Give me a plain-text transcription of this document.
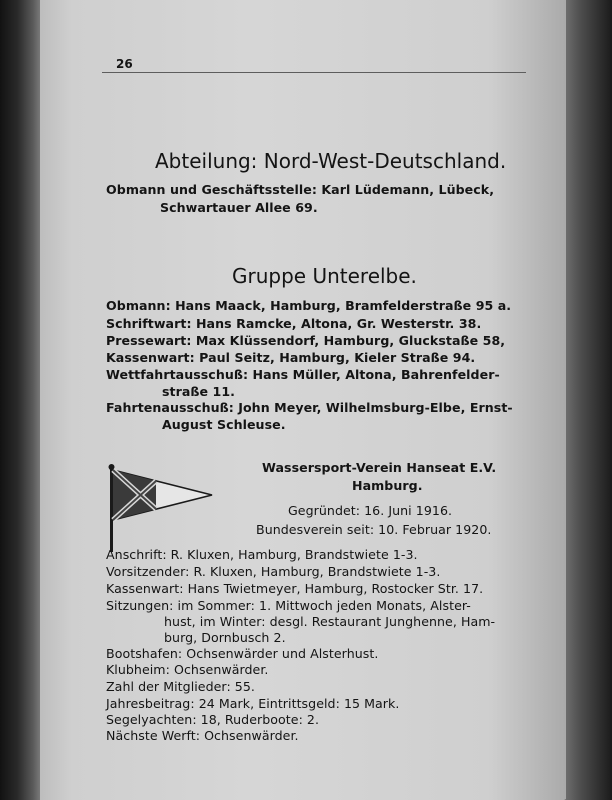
26
Abteilung: Nord-West-Deutschland.
Obmann und Geschäftsstelle: Karl Lüdemann, Lübeck,
Schwartauer Allee 69.
Gruppe Unterelbe.
Obmann: Hans Maack, Hamburg, Bramfelderstraße 95 a.
Schriftwart: Hans Ramcke, Altona, Gr. Westerstr. 38.
Pressewart: Max Klüssendorf, Hamburg, Gluckstaße 58,
Kassenwart: Paul Seitz, Hamburg, Kieler Straße 94.
Wettfahrtausschuß: Hans Müller, Altona, Bahrenfelder-
straße 11.
Fahrtenausschuß: John Meyer, Wilhelmsburg-Elbe, Ernst-
August Schleuse.
Wassersport-Verein Hanseat E.V.
Hamburg.
Gegründet: 16. Juni 1916.
Bundesverein seit: 10. Februar 1920.
Anschrift: R. Kluxen, Hamburg, Brandstwiete 1-3.
Vorsitzender: R. Kluxen, Hamburg, Brandstwiete 1-3.
Kassenwart: Hans Twietmeyer, Hamburg, Rostocker Str. 17.
Sitzungen: im Sommer: 1. Mittwoch jeden Monats, Alster-
hust, im Winter: desgl. Restaurant Junghenne, Ham-
burg, Dornbusch 2.
Bootshafen: Ochsenwärder und Alsterhust.
Klubheim: Ochsenwärder.
Zahl der Mitglieder: 55.
Jahresbeitrag: 24 Mark, Eintrittsgeld: 15 Mark.
Segelyachten: 18, Ruderboote: 2.
Nächste Werft: Ochsenwärder.
